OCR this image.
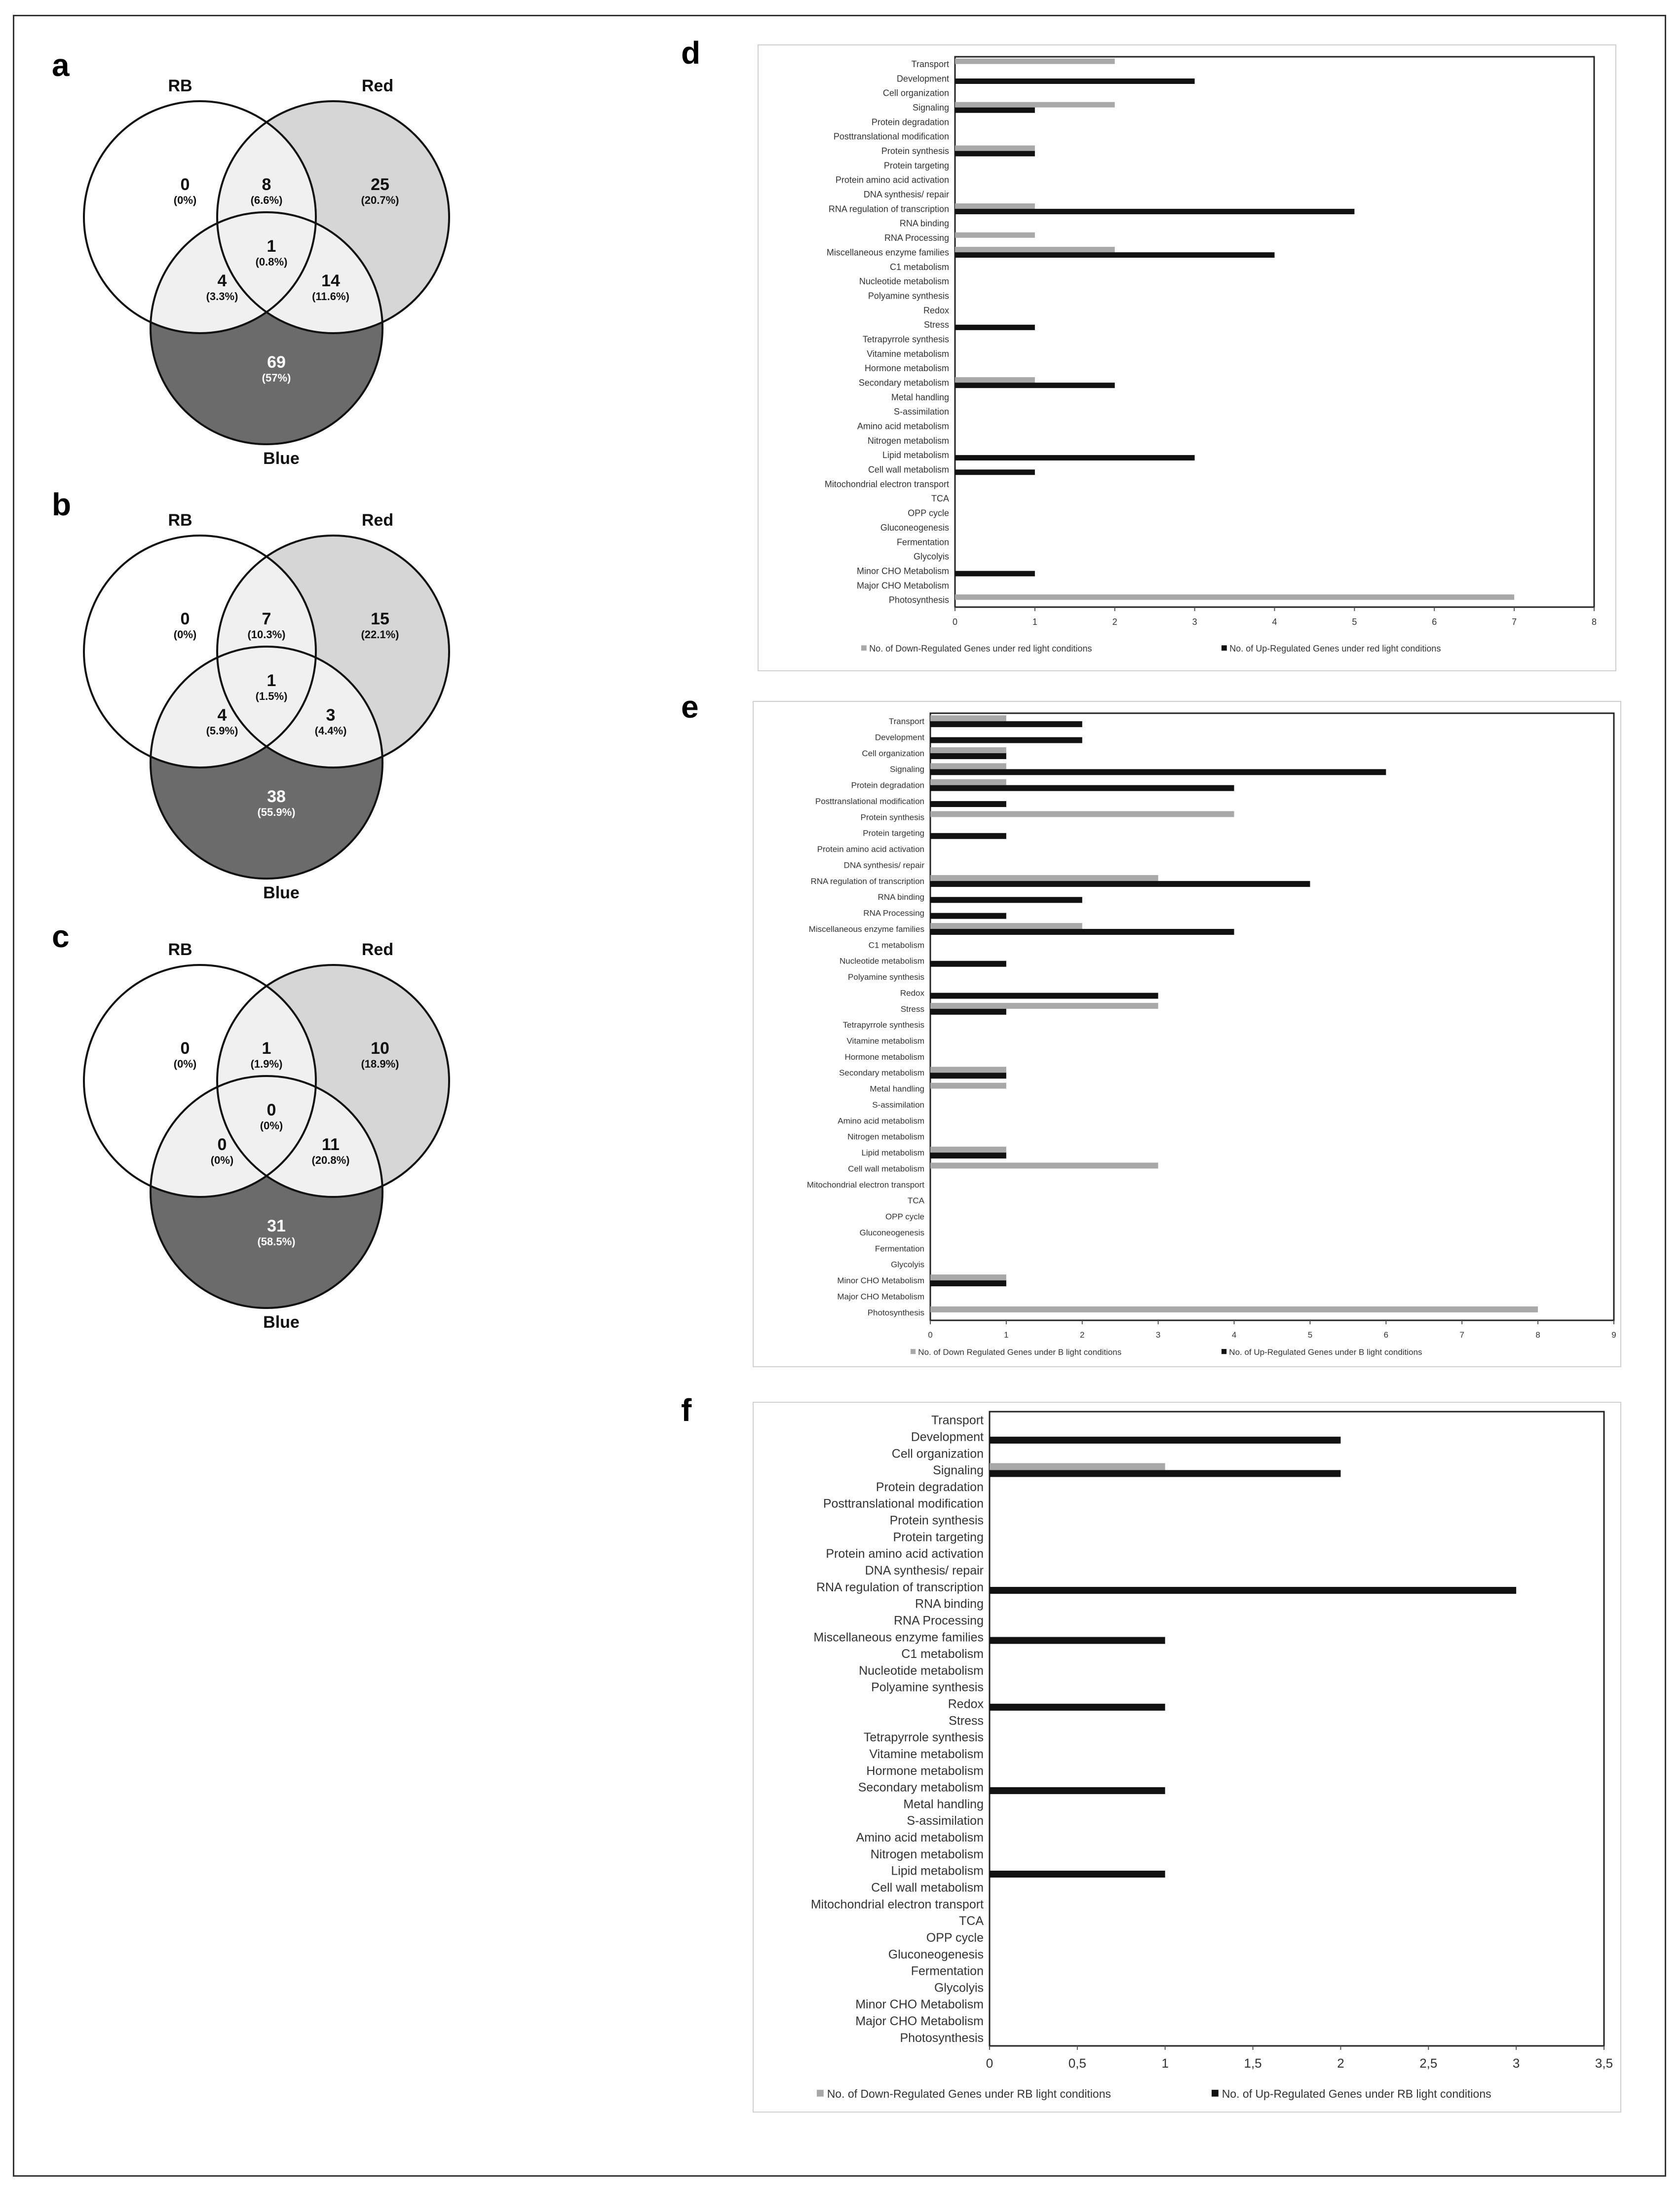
a
b
c
d
e
f
RB	Red
Blue
0
(0%)
25
(20.7%)
69
(57%)
8
(6.6%)
4
(3.3%)
14
(11.6%)
1
(0.8%)
RB	Red
Blue
0
(0%)
15
(22.1%)
38
(55.9%)
7
(10.3%)
4
(5.9%)
3
(4.4%)
1
(1.5%)
RB	Red
Blue
0
(0%)
10
(18.9%)
31
(58.5%)
1
(1.9%)
0
(0%)
11
(20.8%)
0
(0%)
Transport
Development
Cell organization
Signaling
Protein degradation
Posttranslational modification
Protein synthesis
Protein targeting
Protein amino acid activation
DNA synthesis/ repair
RNA regulation of transcription
RNA binding
RNA Processing
Miscellaneous enzyme families
C1 metabolism
Nucleotide metabolism
Polyamine synthesis
Redox
Stress
Tetrapyrrole synthesis
Vitamine metabolism
Hormone metabolism
Secondary metabolism
Metal handling
S-assimilation
Amino acid metabolism
Nitrogen metabolism
Lipid metabolism
Cell wall metabolism
Mitochondrial electron transport
TCA
OPP cycle
Gluconeogenesis
Fermentation
Glycolyis
Minor CHO Metabolism
Major CHO Metabolism
Photosynthesis
0	1	2	3	4	5	6	7	8
No. of Down-Regulated Genes under red light conditions	No. of Up-Regulated Genes under red light conditions
Transport
Development
Cell organization
Signaling
Protein degradation
Posttranslational modification
Protein synthesis
Protein targeting
Protein amino acid activation
DNA synthesis/ repair
RNA regulation of transcription
RNA binding
RNA Processing
Miscellaneous enzyme families
C1 metabolism
Nucleotide metabolism
Polyamine synthesis
Redox
Stress
Tetrapyrrole synthesis
Vitamine metabolism
Hormone metabolism
Secondary metabolism
Metal handling
S-assimilation
Amino acid metabolism
Nitrogen metabolism
Lipid metabolism
Cell wall metabolism
Mitochondrial electron transport
TCA
OPP cycle
Gluconeogenesis
Fermentation
Glycolyis
Minor CHO Metabolism
Major CHO Metabolism
Photosynthesis
0	1	2	3	4	5	6	7	8	9
No. of Down Regulated Genes under B light conditions	No. of Up-Regulated Genes under B light conditions
Transport
Development
Cell organization
Signaling
Protein degradation
Posttranslational modification
Protein synthesis
Protein targeting
Protein amino acid activation
DNA synthesis/ repair
RNA regulation of transcription
RNA binding
RNA Processing
Miscellaneous enzyme families
C1 metabolism
Nucleotide metabolism
Polyamine synthesis
Redox
Stress
Tetrapyrrole synthesis
Vitamine metabolism
Hormone metabolism
Secondary metabolism
Metal handling
S-assimilation
Amino acid metabolism
Nitrogen metabolism
Lipid metabolism
Cell wall metabolism
Mitochondrial electron transport
TCA
OPP cycle
Gluconeogenesis
Fermentation
Glycolyis
Minor CHO Metabolism
Major CHO Metabolism
Photosynthesis
0	0,5	1	1,5	2	2,5	3	3,5
No. of Down-Regulated Genes under RB light conditions	No. of Up-Regulated Genes under RB light conditions
